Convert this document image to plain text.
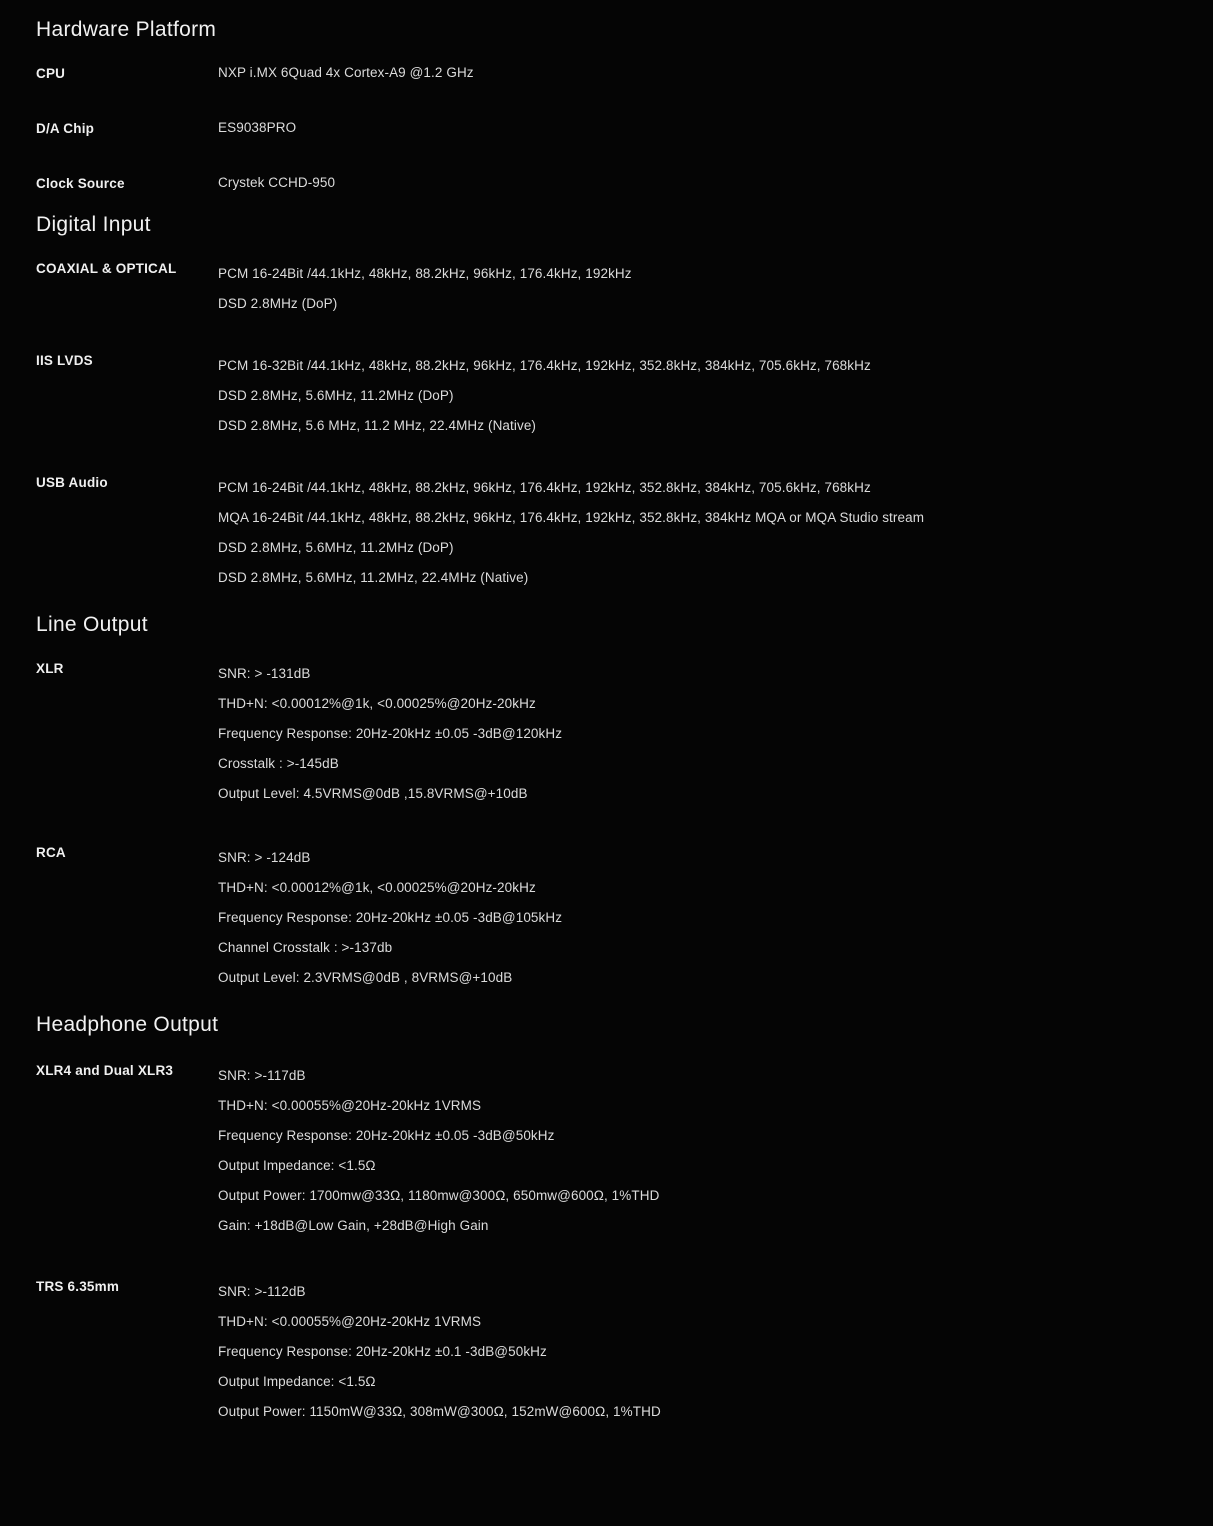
Hardware Platform
CPU	NXP i.MX 6Quad 4x Cortex-A9 @1.2 GHz
D/A Chip	ES9038PRO
Clock Source	Crystek CCHD-950
Digital Input
COAXIAL & OPTICAL	PCM 16-24Bit /44.1kHz, 48kHz, 88.2kHz, 96kHz, 176.4kHz, 192kHz
DSD 2.8MHz (DoP)
IIS LVDS	PCM 16-32Bit /44.1kHz, 48kHz, 88.2kHz, 96kHz, 176.4kHz, 192kHz, 352.8kHz, 384kHz, 705.6kHz, 768kHz
DSD 2.8MHz, 5.6MHz, 11.2MHz (DoP)
DSD 2.8MHz, 5.6 MHz, 11.2 MHz, 22.4MHz (Native)
USB Audio	PCM 16-24Bit /44.1kHz, 48kHz, 88.2kHz, 96kHz, 176.4kHz, 192kHz, 352.8kHz, 384kHz, 705.6kHz, 768kHz
MQA 16-24Bit /44.1kHz, 48kHz, 88.2kHz, 96kHz, 176.4kHz, 192kHz, 352.8kHz, 384kHz MQA or MQA Studio stream
DSD 2.8MHz, 5.6MHz, 11.2MHz (DoP)
DSD 2.8MHz, 5.6MHz, 11.2MHz, 22.4MHz (Native)
Line Output
XLR	SNR: > -131dB
THD+N: <0.00012%@1k, <0.00025%@20Hz-20kHz
Frequency Response: 20Hz-20kHz ±0.05 -3dB@120kHz
Crosstalk : >-145dB
Output Level: 4.5VRMS@0dB ,15.8VRMS@+10dB
RCA	SNR: > -124dB
THD+N: <0.00012%@1k, <0.00025%@20Hz-20kHz
Frequency Response: 20Hz-20kHz ±0.05 -3dB@105kHz
Channel Crosstalk : >-137db
Output Level: 2.3VRMS@0dB , 8VRMS@+10dB
Headphone Output
XLR4 and Dual XLR3	SNR: >-117dB
THD+N: <0.00055%@20Hz-20kHz 1VRMS
Frequency Response: 20Hz-20kHz ±0.05 -3dB@50kHz
Output Impedance: <1.5Ω
Output Power: 1700mw@33Ω, 1180mw@300Ω, 650mw@600Ω, 1%THD
Gain: +18dB@Low Gain, +28dB@High Gain
TRS 6.35mm	SNR: >-112dB
THD+N: <0.00055%@20Hz-20kHz 1VRMS
Frequency Response: 20Hz-20kHz ±0.1 -3dB@50kHz
Output Impedance: <1.5Ω
Output Power: 1150mW@33Ω, 308mW@300Ω, 152mW@600Ω, 1%THD
